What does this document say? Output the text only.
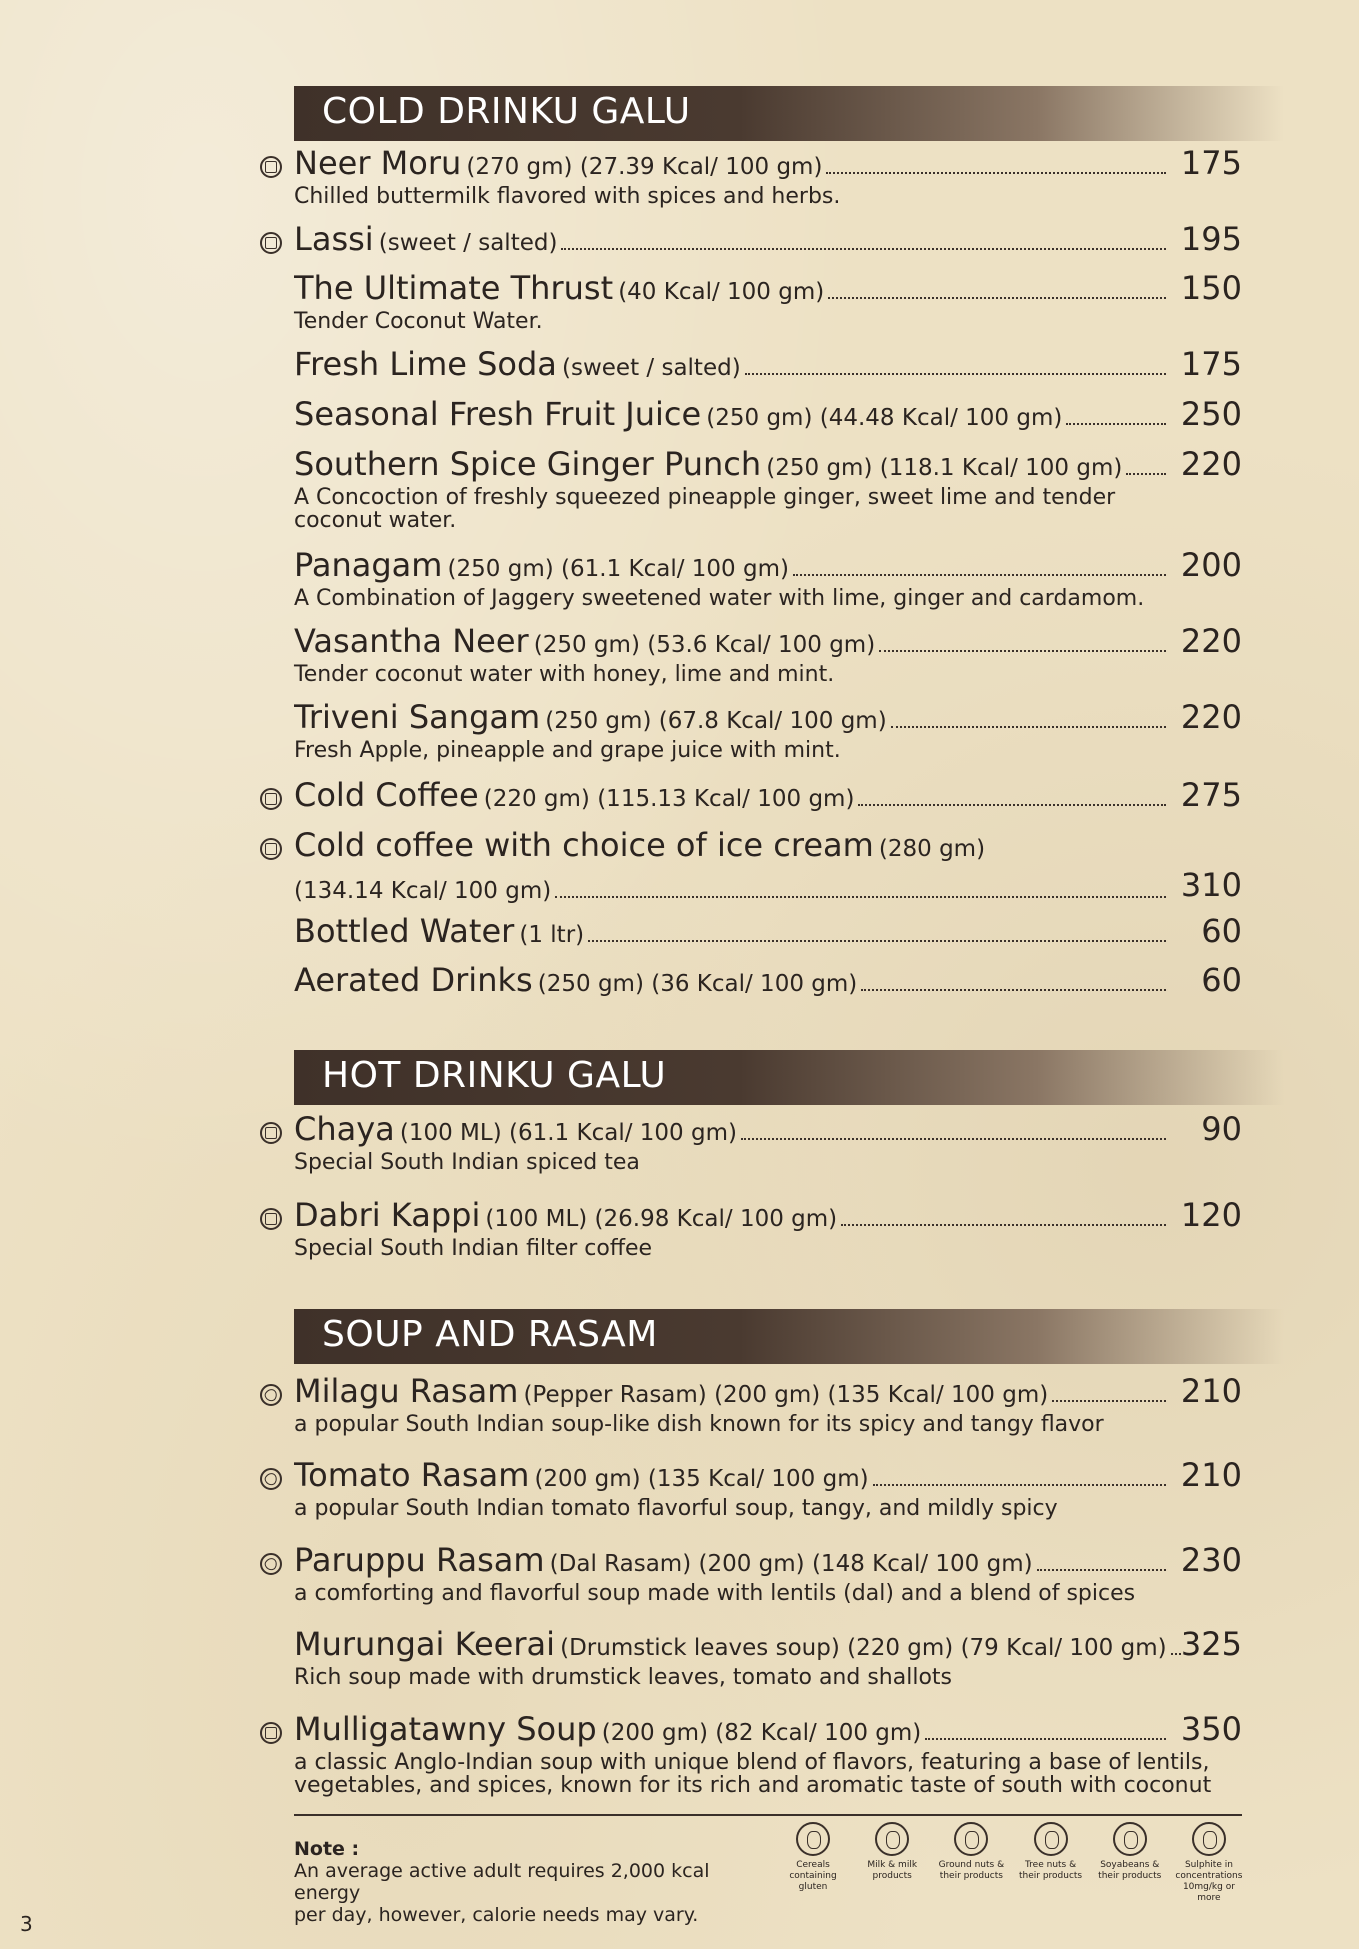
COLD DRINKU GALU
Neer Moru
(270 gm) (27.39 Kcal/ 100 gm)	175
Chilled buttermilk flavored with spices and herbs.
Lassi
(sweet / salted)	195
The Ultimate Thrust
(40 Kcal/ 100 gm)	150
Tender Coconut Water.
Fresh Lime Soda
(sweet / salted)	175
Seasonal Fresh Fruit Juice
(250 gm) (44.48 Kcal/ 100 gm)	250
Southern Spice Ginger Punch
(250 gm) (118.1 Kcal/ 100 gm) 220
A Concoction of freshly squeezed pineapple ginger, sweet lime and tender
coconut water.
Panagam
(250 gm) (61.1 Kcal/ 100 gm)	200
A Combination of Jaggery sweetened water with lime, ginger and cardamom.
Vasantha Neer
(250 gm) (53.6 Kcal/ 100 gm)	220
Tender coconut water with honey, lime and mint.
Triveni Sangam
(250 gm) (67.8 Kcal/ 100 gm)	220
Fresh Apple, pineapple and grape juice with mint.
Cold Coffee
(220 gm) (115.13 Kcal/ 100 gm)	275
Cold coffee with choice of ice cream
(280 gm)
(134.14 Kcal/ 100 gm)	310
Bottled Water
(1 ltr)	60
Aerated Drinks
(250 gm) (36 Kcal/ 100 gm)	60
HOT DRINKU GALU
Chaya
(100 ML) (61.1 Kcal/ 100 gm)	90
Special South Indian spiced tea
Dabri Kappi
(100 ML) (26.98 Kcal/ 100 gm)	120
Special South Indian filter coffee
SOUP AND RASAM
Milagu Rasam
(Pepper Rasam) (200 gm) (135 Kcal/ 100 gm)	210
a popular South Indian soup-like dish known for its spicy and tangy flavor
Tomato Rasam
(200 gm) (135 Kcal/ 100 gm)	210
a popular South Indian tomato flavorful soup, tangy, and mildly spicy
Paruppu Rasam
(Dal Rasam) (200 gm) (148 Kcal/ 100 gm)	230
a comforting and flavorful soup made with lentils (dal) and a blend of spices
Murungai Keerai
(Drumstick leaves soup) (220 gm) (79 Kcal/ 100 gm) 325
Rich soup made with drumstick leaves, tomato and shallots
Mulligatawny Soup
(200 gm) (82 Kcal/ 100 gm)	350
a classic Anglo-Indian soup with unique blend of flavors, featuring a base of lentils,
vegetables, and spices, known for its rich and aromatic taste of south with coconut
Note :
An average active adult requires 2,000 kcal energy
per day, however, calorie needs may vary.
Cereals containing
gluten
Milk & milk
products
Ground nuts &
their products
Tree nuts &
their products
Soyabeans &
their products
Sulphite in concentrations
10mg/kg or more
3
